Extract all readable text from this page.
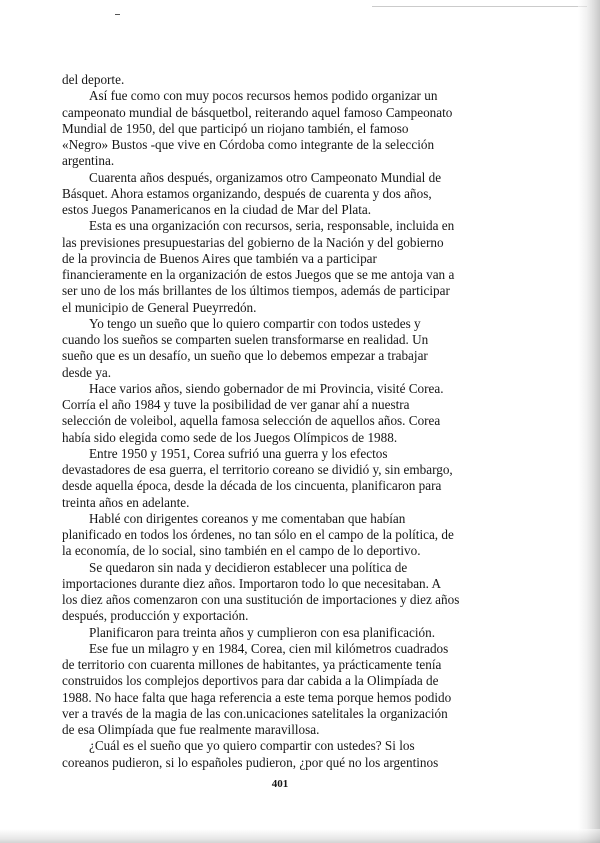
del deporte.
Así fue como con muy pocos recursos hemos podido organizar un
campeonato mundial de básquetbol, reiterando aquel famoso Campeonato
Mundial de 1950, del que participó un riojano también, el famoso
«Negro» Bustos -que vive en Córdoba como integrante de la selección
argentina.
Cuarenta años después, organizamos otro Campeonato Mundial de
Básquet. Ahora estamos organizando, después de cuarenta y dos años,
estos Juegos Panamericanos en la ciudad de Mar del Plata.
Esta es una organización con recursos, seria, responsable, incluida en
las previsiones presupuestarias del gobierno de la Nación y del gobierno
de la provincia de Buenos Aires que también va a participar
financieramente en la organización de estos Juegos que se me antoja van a
ser uno de los más brillantes de los últimos tiempos, además de participar
el municipio de General Pueyrredón.
Yo tengo un sueño que lo quiero compartir con todos ustedes y
cuando los sueños se comparten suelen transformarse en realidad. Un
sueño que es un desafío, un sueño que lo debemos empezar a trabajar
desde ya.
Hace varios años, siendo gobernador de mi Provincia, visité Corea.
Corría el año 1984 y tuve la posibilidad de ver ganar ahí a nuestra
selección de voleibol, aquella famosa selección de aquellos años. Corea
había sido elegida como sede de los Juegos Olímpicos de 1988.
Entre 1950 y 1951, Corea sufrió una guerra y los efectos
devastadores de esa guerra, el territorio coreano se dividió y, sin embargo,
desde aquella época, desde la década de los cincuenta, planificaron para
treinta años en adelante.
Hablé con dirigentes coreanos y me comentaban que habían
planificado en todos los órdenes, no tan sólo en el campo de la política, de
la economía, de lo social, sino también en el campo de lo deportivo.
Se quedaron sin nada y decidieron establecer una política de
importaciones durante diez años. Importaron todo lo que necesitaban. A
los diez años comenzaron con una sustitución de importaciones y diez años
después, producción y exportación.
Planificaron para treinta años y cumplieron con esa planificación.
Ese fue un milagro y en 1984, Corea, cien mil kilómetros cuadrados
de territorio con cuarenta millones de habitantes, ya prácticamente tenía
construidos los complejos deportivos para dar cabida a la Olimpíada de
1988. No hace falta que haga referencia a este tema porque hemos podido
ver a través de la magia de las con.unicaciones satelitales la organización
de esa Olimpíada que fue realmente maravillosa.
¿Cuál es el sueño que yo quiero compartir con ustedes? Si los
coreanos pudieron, si lo españoles pudieron, ¿por qué no los argentinos
401
